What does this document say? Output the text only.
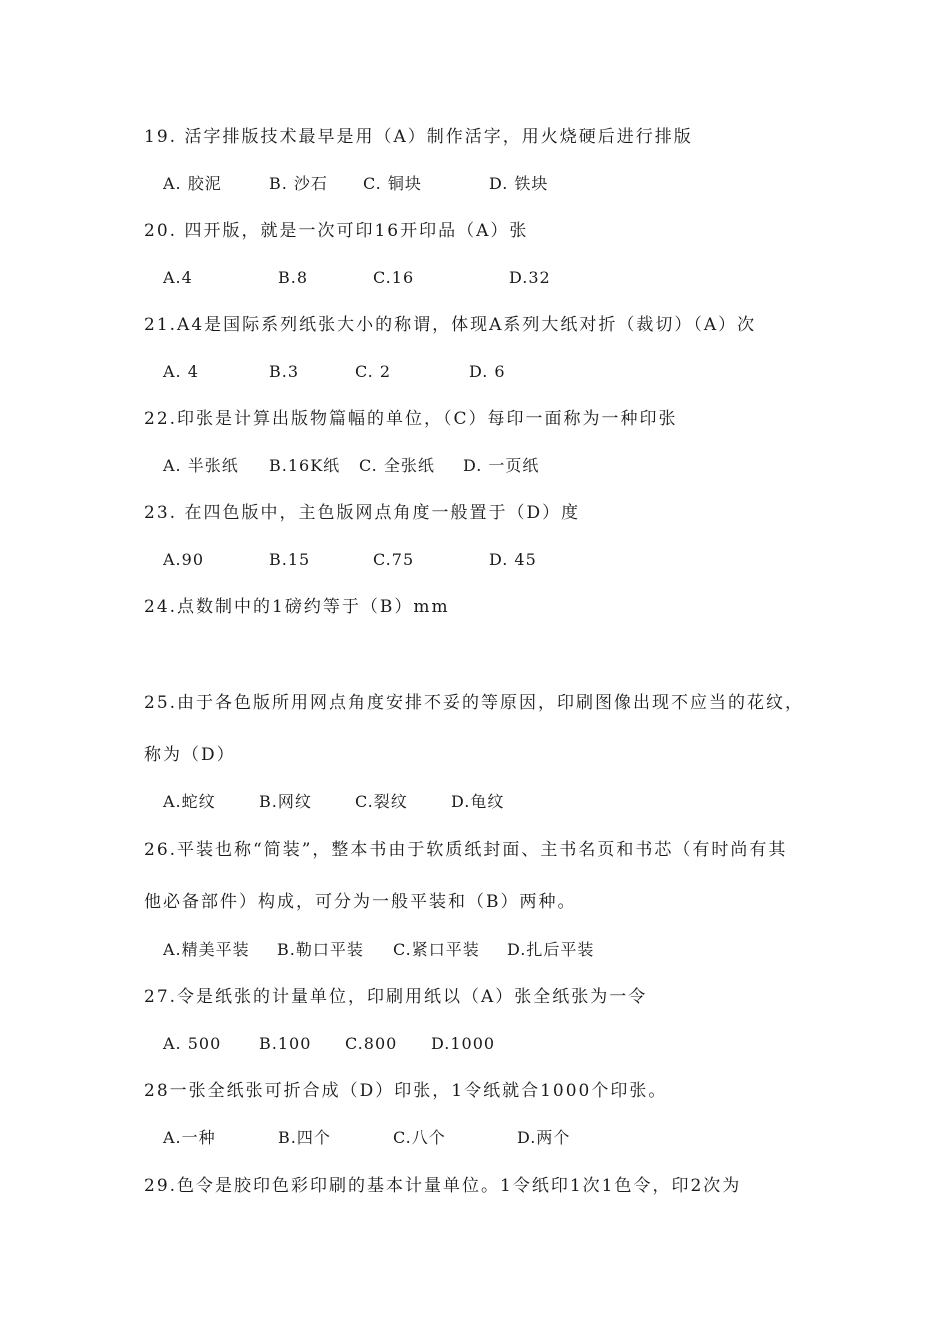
19. 活字排版技术最早是用（A）制作活字，用火烧硬后进行排版
A. 胶泥	B. 沙石 C. 铜块	D. 铁块
20. 四开版，就是一次可印16开印品（A）张
A.4	B.8	C.16	D.32
21.A4是国际系列纸张大小的称谓，体现A系列大纸对折（裁切）（A）次
A. 4	B.3	C. 2	D. 6
22.印张是计算出版物篇幅的单位，（C）每印一面称为一种印张
A. 半张纸 B.16K纸 C. 全张纸 D. 一页纸
23. 在四色版中，主色版网点角度一般置于（D）度
A.90	B.15	C.75	D. 45
24.点数制中的1磅约等于（B）mm
25.由于各色版所用网点角度安排不妥的等原因，印刷图像出现不应当的花纹，
称为（D）
A.蛇纹	B.网纹	C.裂纹	D.龟纹
26.平装也称“简装”，整本书由于软质纸封面、主书名页和书芯（有时尚有其
他必备部件）构成，可分为一般平装和（B）两种。
A.精美平装 B.勒口平装 C.紧口平装 D.扎后平装
27.令是纸张的计量单位，印刷用纸以（A）张全纸张为一令
A. 500 B.100 C.800 D.1000
28一张全纸张可折合成（D）印张，1令纸就合1000个印张。
A.一种	B.四个	C.八个	D.两个
29.色令是胶印色彩印刷的基本计量单位。1令纸印1次1色令，印2次为
